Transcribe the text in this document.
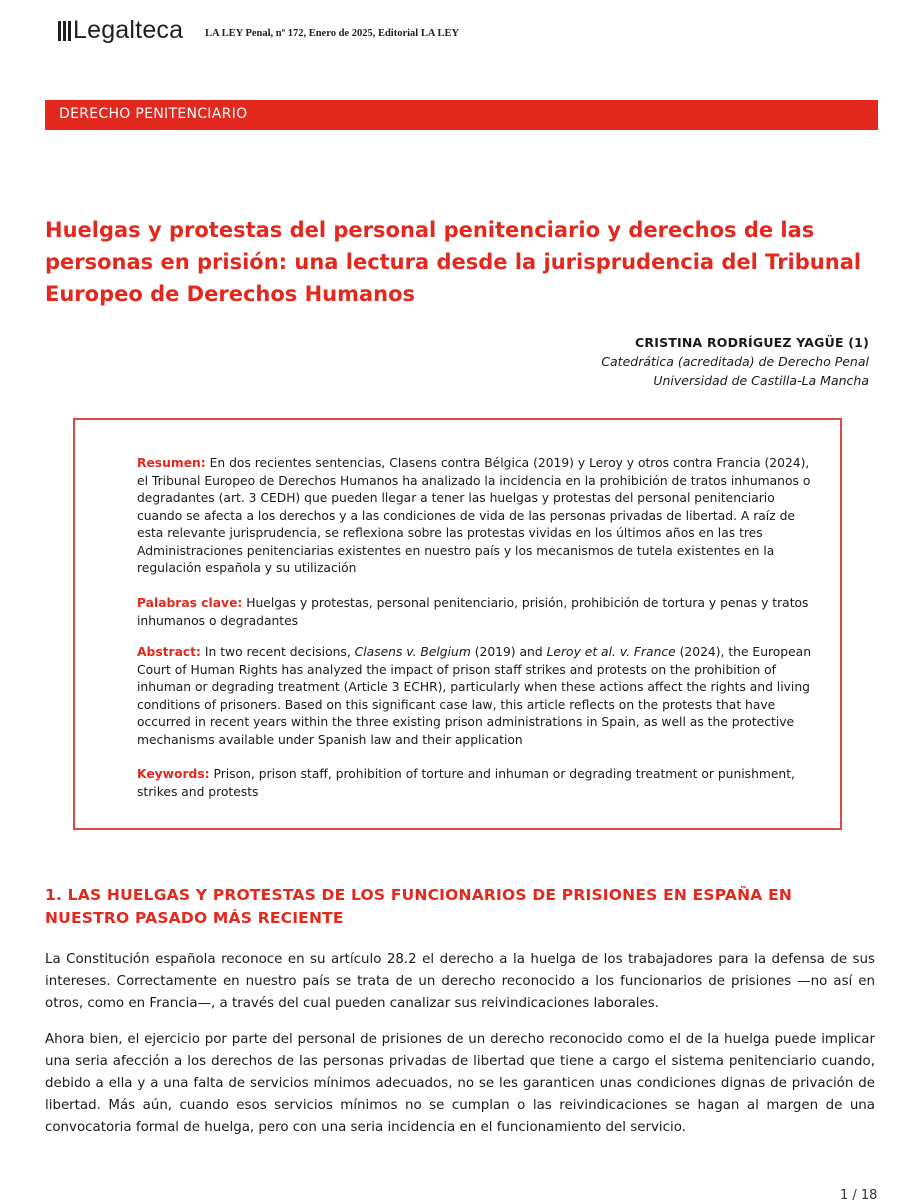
Legalteca LA LEY Penal, nº 172, Enero de 2025, Editorial LA LEY
DERECHO PENITENCIARIO
Huelgas y protestas del personal penitenciario y derechos de las personas en prisión: una lectura desde la jurisprudencia del Tribunal Europeo de Derechos Humanos
CRISTINA RODRÍGUEZ YAGÜE (1)
Catedrática (acreditada) de Derecho Penal
Universidad de Castilla-La Mancha
Resumen: En dos recientes sentencias, Clasens contra Bélgica (2019) y Leroy y otros contra Francia (2024), el Tribunal Europeo de Derechos Humanos ha analizado la incidencia en la prohibición de tratos inhumanos o degradantes (art. 3 CEDH) que pueden llegar a tener las huelgas y protestas del personal penitenciario cuando se afecta a los derechos y a las condiciones de vida de las personas privadas de libertad. A raíz de esta relevante jurisprudencia, se reflexiona sobre las protestas vividas en los últimos años en las tres Administraciones penitenciarias existentes en nuestro país y los mecanismos de tutela existentes en la regulación española y su utilización
Palabras clave: Huelgas y protestas, personal penitenciario, prisión, prohibición de tortura y penas y tratos inhumanos o degradantes
Abstract: In two recent decisions, Clasens v. Belgium (2019) and Leroy et al. v. France (2024), the European Court of Human Rights has analyzed the impact of prison staff strikes and protests on the prohibition of inhuman or degrading treatment (Article 3 ECHR), particularly when these actions affect the rights and living conditions of prisoners. Based on this significant case law, this article reflects on the protests that have occurred in recent years within the three existing prison administrations in Spain, as well as the protective mechanisms available under Spanish law and their application
Keywords: Prison, prison staff, prohibition of torture and inhuman or degrading treatment or punishment, strikes and protests
1. LAS HUELGAS Y PROTESTAS DE LOS FUNCIONARIOS DE PRISIONES EN ESPAÑA EN NUESTRO PASADO MÁS RECIENTE
La Constitución española reconoce en su artículo 28.2 el derecho a la huelga de los trabajadores para la defensa de sus intereses. Correctamente en nuestro país se trata de un derecho reconocido a los funcionarios de prisiones —no así en otros, como en Francia—, a través del cual pueden canalizar sus reivindicaciones laborales.
Ahora bien, el ejercicio por parte del personal de prisiones de un derecho reconocido como el de la huelga puede implicar una seria afección a los derechos de las personas privadas de libertad que tiene a cargo el sistema penitenciario cuando, debido a ella y a una falta de servicios mínimos adecuados, no se les garanticen unas condiciones dignas de privación de libertad. Más aún, cuando esos servicios mínimos no se cumplan o las reivindicaciones se hagan al margen de una convocatoria formal de huelga, pero con una seria incidencia en el funcionamiento del servicio.
1 / 18
